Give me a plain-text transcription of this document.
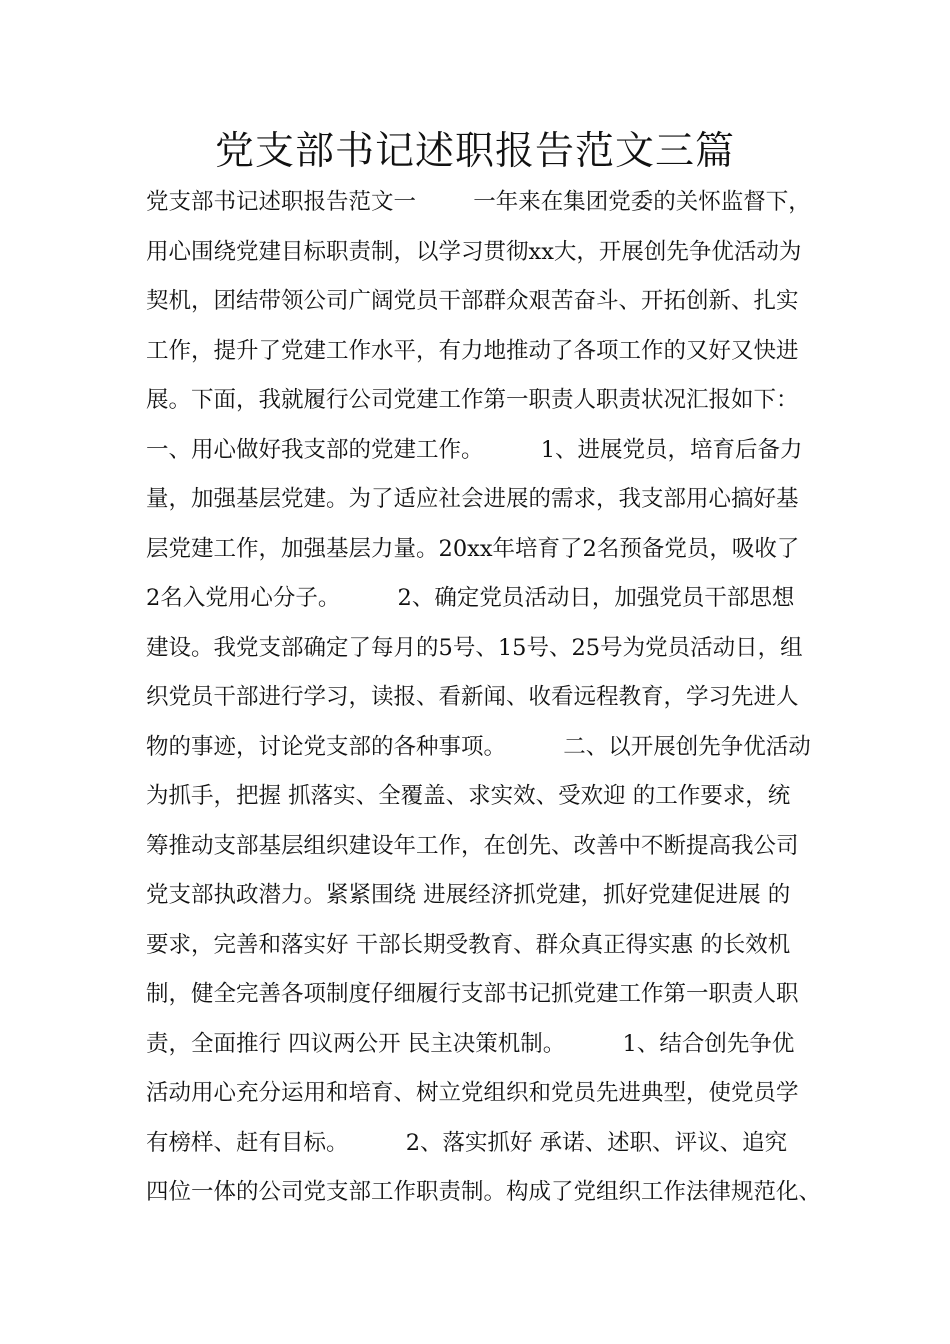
党支部书记述职报告范文三篇
党支部书记述职报告范文一        一年来在集团党委的关怀监督下，
用心围绕党建目标职责制，以学习贯彻xx大，开展创先争优活动为
契机，团结带领公司广阔党员干部群众艰苦奋斗、开拓创新、扎实
工作，提升了党建工作水平，有力地推动了各项工作的又好又快进
展。下面，我就履行公司党建工作第一职责人职责状况汇报如下：
一、用心做好我支部的党建工作。        1、进展党员，培育后备力
量，加强基层党建。为了适应社会进展的需求，我支部用心搞好基
层党建工作，加强基层力量。20xx年培育了2名预备党员，吸收了
2名入党用心分子。        2、确定党员活动日，加强党员干部思想
建设。我党支部确定了每月的5号、15号、25号为党员活动日，组
织党员干部进行学习，读报、看新闻、收看远程教育，学习先进人
物的事迹，讨论党支部的各种事项。        二、以开展创先争优活动
为抓手，把握 抓落实、全覆盖、求实效、受欢迎 的工作要求，统
筹推动支部基层组织建设年工作，在创先、改善中不断提高我公司
党支部执政潜力。紧紧围绕 进展经济抓党建，抓好党建促进展 的
要求，完善和落实好 干部长期受教育、群众真正得实惠 的长效机
制，健全完善各项制度仔细履行支部书记抓党建工作第一职责人职
责，全面推行 四议两公开 民主决策机制。        1、结合创先争优
活动用心充分运用和培育、树立党组织和党员先进典型，使党员学
有榜样、赶有目标。        2、落实抓好 承诺、述职、评议、追究
四位一体的公司党支部工作职责制。构成了党组织工作法律规范化、
